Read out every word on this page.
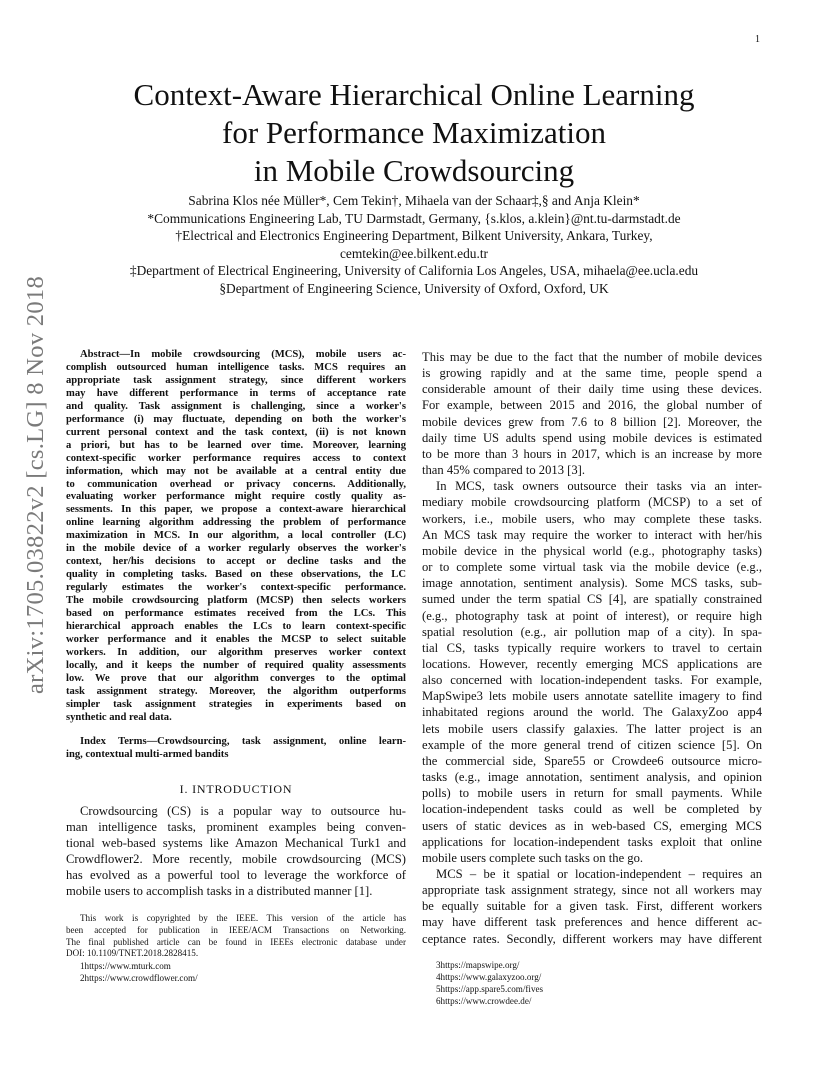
1
arXiv:1705.03822v2 [cs.LG] 8 Nov 2018
Context-Aware Hierarchical Online Learning
for Performance Maximization
in Mobile Crowdsourcing
Sabrina Klos née Müller*, Cem Tekin†, Mihaela van der Schaar‡,§ and Anja Klein*
*Communications Engineering Lab, TU Darmstadt, Germany, {s.klos, a.klein}@nt.tu-darmstadt.de
†Electrical and Electronics Engineering Department, Bilkent University, Ankara, Turkey,
cemtekin@ee.bilkent.edu.tr
‡Department of Electrical Engineering, University of California Los Angeles, USA, mihaela@ee.ucla.edu
§Department of Engineering Science, University of Oxford, Oxford, UK
Abstract—In mobile crowdsourcing (MCS), mobile users ac-
complish outsourced human intelligence tasks. MCS requires an
appropriate task assignment strategy, since different workers
may have different performance in terms of acceptance rate
and quality. Task assignment is challenging, since a worker's
performance (i) may fluctuate, depending on both the worker's
current personal context and the task context, (ii) is not known
a priori, but has to be learned over time. Moreover, learning
context-specific worker performance requires access to context
information, which may not be available at a central entity due
to communication overhead or privacy concerns. Additionally,
evaluating worker performance might require costly quality as-
sessments. In this paper, we propose a context-aware hierarchical
online learning algorithm addressing the problem of performance
maximization in MCS. In our algorithm, a local controller (LC)
in the mobile device of a worker regularly observes the worker's
context, her/his decisions to accept or decline tasks and the
quality in completing tasks. Based on these observations, the LC
regularly estimates the worker's context-specific performance.
The mobile crowdsourcing platform (MCSP) then selects workers
based on performance estimates received from the LCs. This
hierarchical approach enables the LCs to learn context-specific
worker performance and it enables the MCSP to select suitable
workers. In addition, our algorithm preserves worker context
locally, and it keeps the number of required quality assessments
low. We prove that our algorithm converges to the optimal
task assignment strategy. Moreover, the algorithm outperforms
simpler task assignment strategies in experiments based on
synthetic and real data.
Index Terms—Crowdsourcing, task assignment, online learn-
ing, contextual multi-armed bandits
I. INTRODUCTION
Crowdsourcing (CS) is a popular way to outsource hu-
man intelligence tasks, prominent examples being conven-
tional web-based systems like Amazon Mechanical Turk1 and
Crowdflower2. More recently, mobile crowdsourcing (MCS)
has evolved as a powerful tool to leverage the workforce of
mobile users to accomplish tasks in a distributed manner [1].
This work is copyrighted by the IEEE. This version of the article has
been accepted for publication in IEEE/ACM Transactions on Networking.
The final published article can be found in IEEEs electronic database under
DOI: 10.1109/TNET.2018.2828415.
1https://www.mturk.com
2https://www.crowdflower.com/
This may be due to the fact that the number of mobile devices
is growing rapidly and at the same time, people spend a
considerable amount of their daily time using these devices.
For example, between 2015 and 2016, the global number of
mobile devices grew from 7.6 to 8 billion [2]. Moreover, the
daily time US adults spend using mobile devices is estimated
to be more than 3 hours in 2017, which is an increase by more
than 45% compared to 2013 [3].
In MCS, task owners outsource their tasks via an inter-
mediary mobile crowdsourcing platform (MCSP) to a set of
workers, i.e., mobile users, who may complete these tasks.
An MCS task may require the worker to interact with her/his
mobile device in the physical world (e.g., photography tasks)
or to complete some virtual task via the mobile device (e.g.,
image annotation, sentiment analysis). Some MCS tasks, sub-
sumed under the term spatial CS [4], are spatially constrained
(e.g., photography task at point of interest), or require high
spatial resolution (e.g., air pollution map of a city). In spa-
tial CS, tasks typically require workers to travel to certain
locations. However, recently emerging MCS applications are
also concerned with location-independent tasks. For example,
MapSwipe3 lets mobile users annotate satellite imagery to find
inhabitated regions around the world. The GalaxyZoo app4
lets mobile users classify galaxies. The latter project is an
example of the more general trend of citizen science [5]. On
the commercial side, Spare55 or Crowdee6 outsource micro-
tasks (e.g., image annotation, sentiment analysis, and opinion
polls) to mobile users in return for small payments. While
location-independent tasks could as well be completed by
users of static devices as in web-based CS, emerging MCS
applications for location-independent tasks exploit that online
mobile users complete such tasks on the go.
MCS – be it spatial or location-independent – requires an
appropriate task assignment strategy, since not all workers may
be equally suitable for a given task. First, different workers
may have different task preferences and hence different ac-
ceptance rates. Secondly, different workers may have different
3https://mapswipe.org/
4https://www.galaxyzoo.org/
5https://app.spare5.com/fives
6https://www.crowdee.de/
